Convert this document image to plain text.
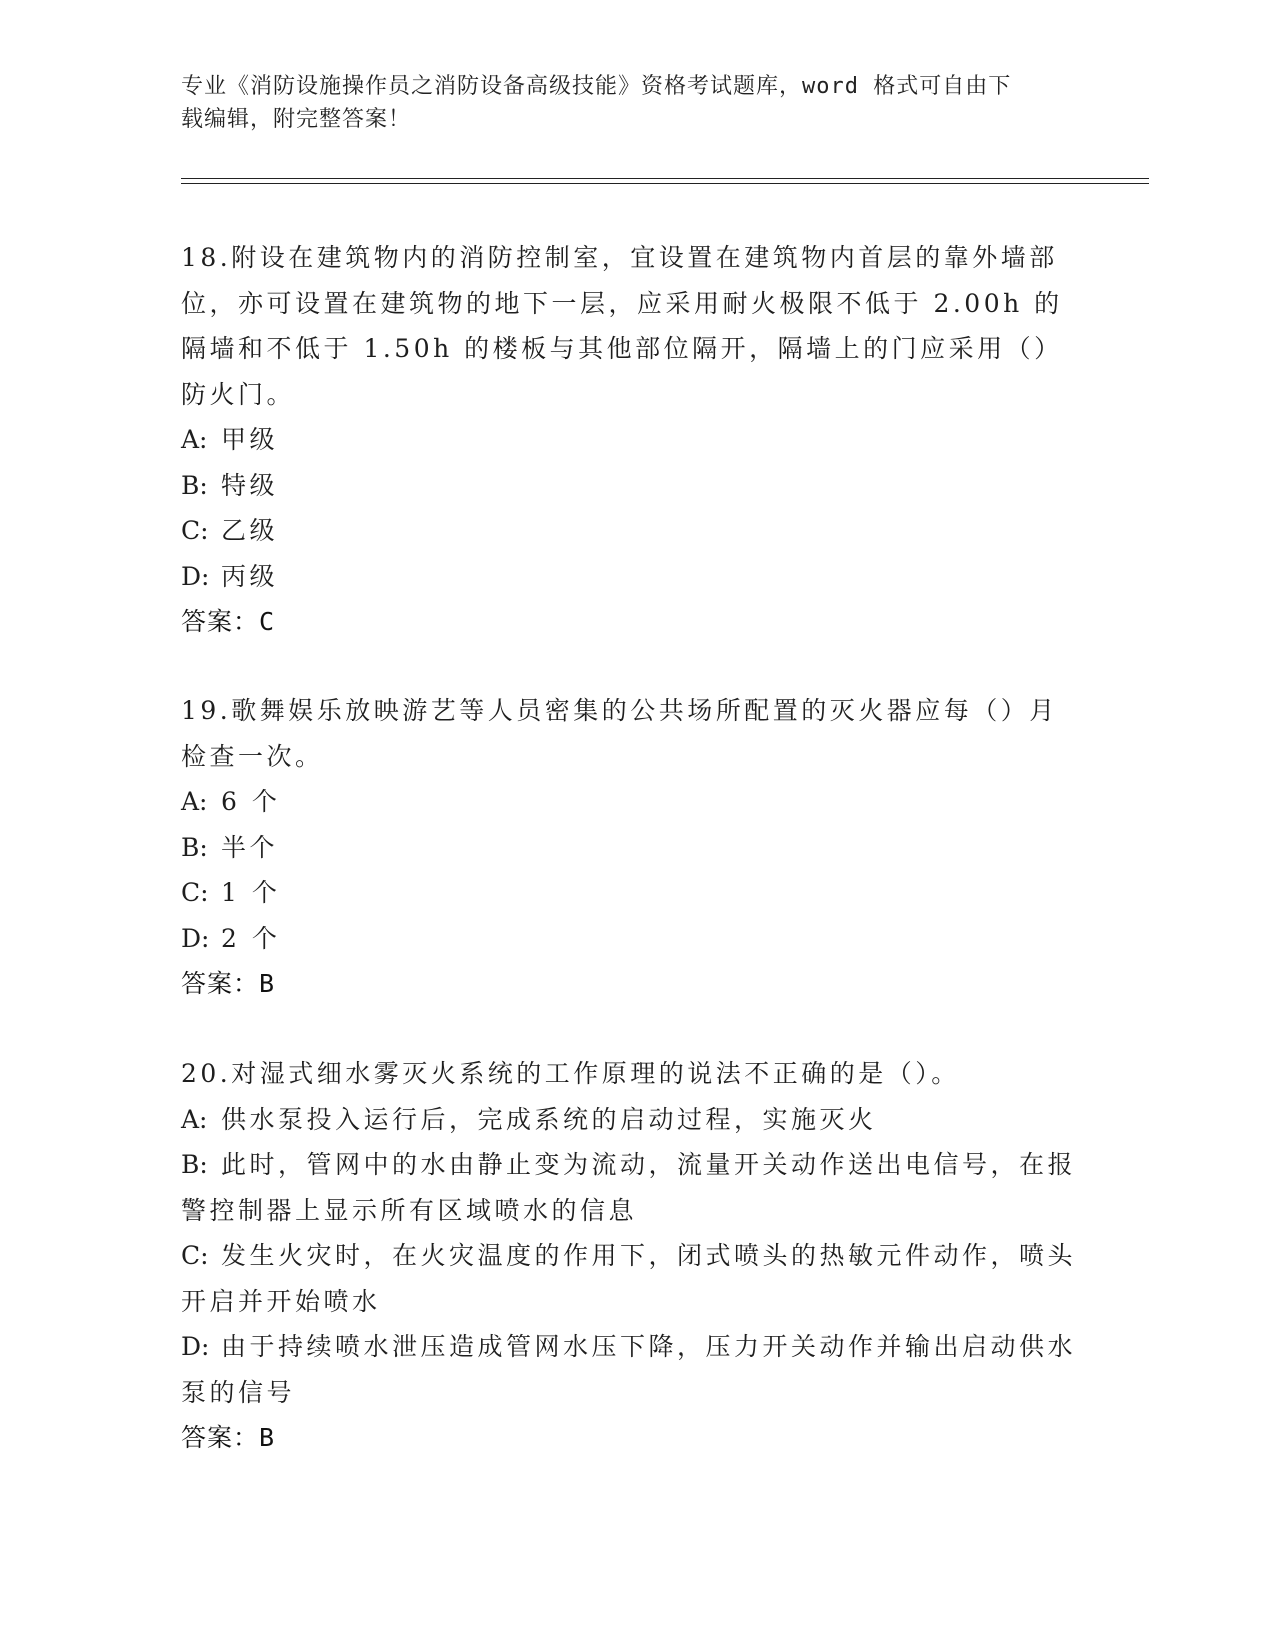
专业《消防设施操作员之消防设备高级技能》资格考试题库，word 格式可自由下
载编辑，附完整答案！

18.附设在建筑物内的消防控制室，宜设置在建筑物内首层的靠外墙部位，亦可设置在建筑物的地下一层，应采用耐火极限不低于 2.00h 的隔墙和不低于 1.50h 的楼板与其他部位隔开，隔墙上的门应采用（）防火门。

A: 甲级

B: 特级

C: 乙级

D: 丙级

答案：C

19.歌舞娱乐放映游艺等人员密集的公共场所配置的灭火器应每（）月检查一次。

A: 6 个

B: 半个

C: 1 个

D: 2 个

答案：B

20.对湿式细水雾灭火系统的工作原理的说法不正确的是（）。

A: 供水泵投入运行后，完成系统的启动过程，实施灭火

B: 此时，管网中的水由静止变为流动，流量开关动作送出电信号，在报警控制器上显示所有区域喷水的信息

C: 发生火灾时，在火灾温度的作用下，闭式喷头的热敏元件动作，喷头开启并开始喷水

D: 由于持续喷水泄压造成管网水压下降，压力开关动作并输出启动供水泵的信号

答案：B
